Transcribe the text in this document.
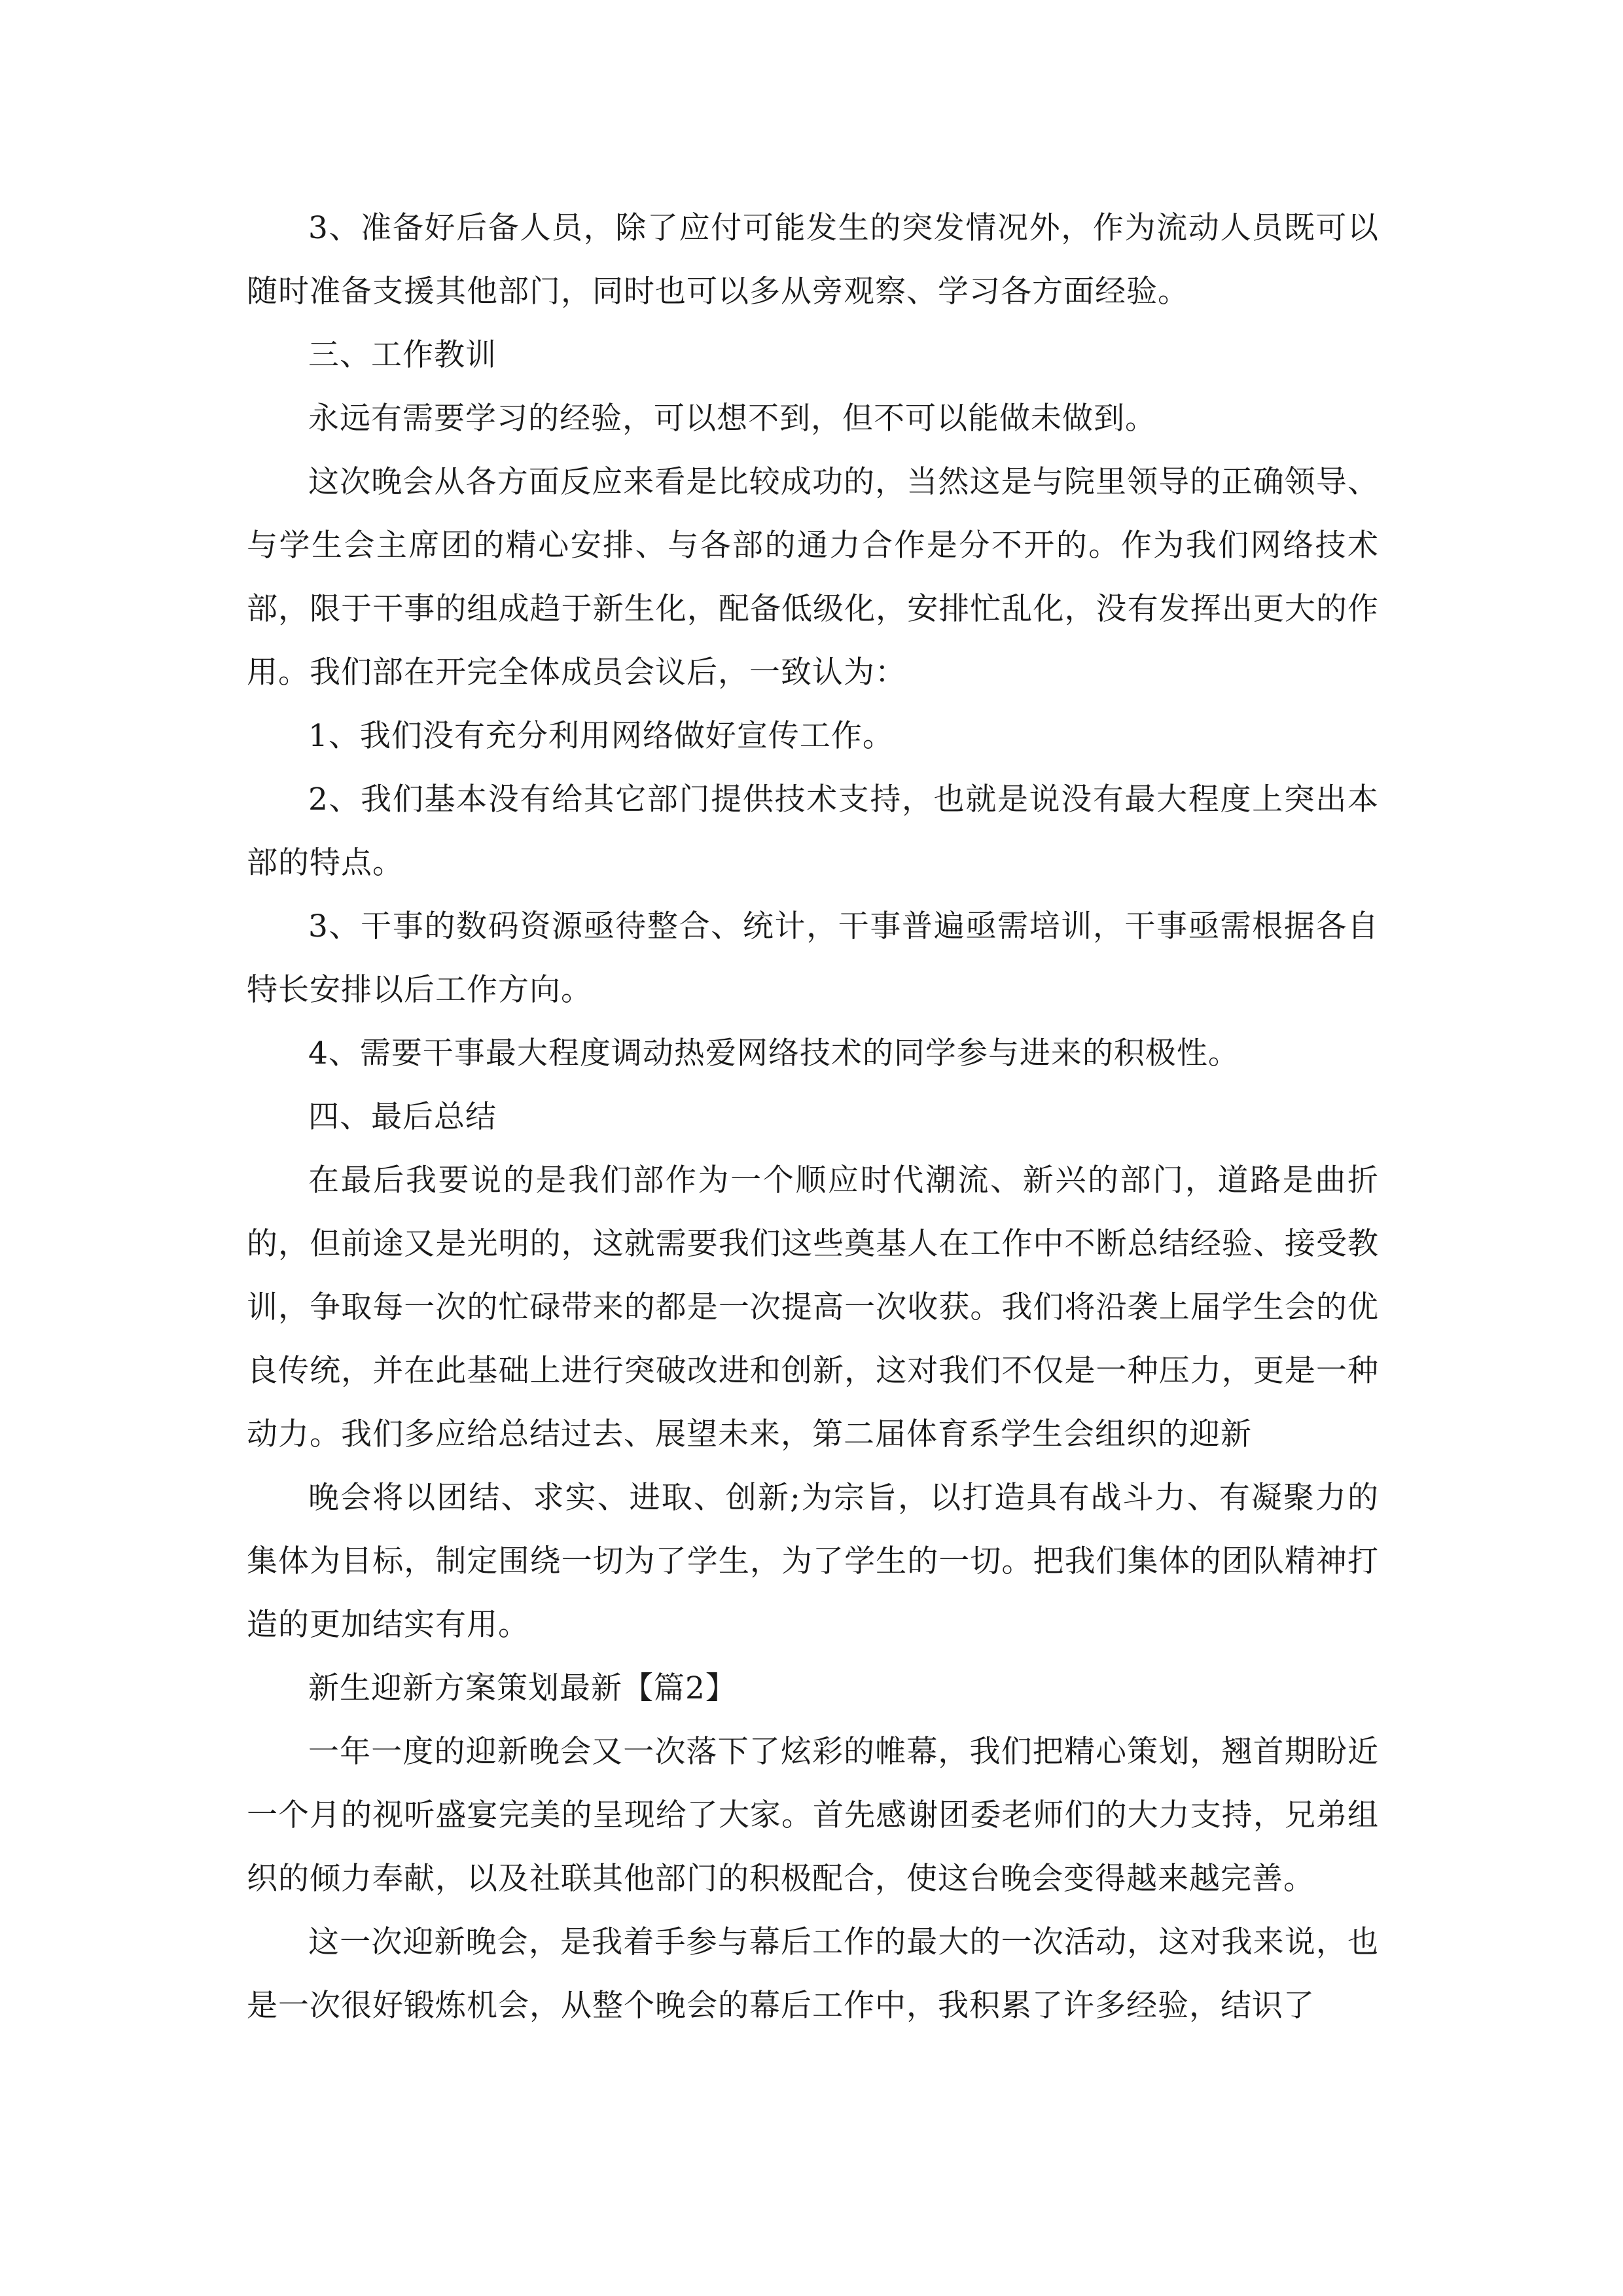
3、准备好后备人员，除了应付可能发生的突发情况外，作为流动人员既可以随时准备支援其他部门，同时也可以多从旁观察、学习各方面经验。

三、工作教训

永远有需要学习的经验，可以想不到，但不可以能做未做到。

这次晚会从各方面反应来看是比较成功的，当然这是与院里领导的正确领导、与学生会主席团的精心安排、与各部的通力合作是分不开的。作为我们网络技术部，限于干事的组成趋于新生化，配备低级化，安排忙乱化，没有发挥出更大的作用。我们部在开完全体成员会议后，一致认为：

1、我们没有充分利用网络做好宣传工作。

2、我们基本没有给其它部门提供技术支持，也就是说没有最大程度上突出本部的特点。

3、干事的数码资源亟待整合、统计，干事普遍亟需培训，干事亟需根据各自特长安排以后工作方向。

4、需要干事最大程度调动热爱网络技术的同学参与进来的积极性。

四、最后总结

在最后我要说的是我们部作为一个顺应时代潮流、新兴的部门，道路是曲折的，但前途又是光明的，这就需要我们这些奠基人在工作中不断总结经验、接受教训，争取每一次的忙碌带来的都是一次提高一次收获。我们将沿袭上届学生会的优良传统，并在此基础上进行突破改进和创新，这对我们不仅是一种压力，更是一种动力。我们多应给总结过去、展望未来，第二届体育系学生会组织的迎新

晚会将以团结、求实、进取、创新;为宗旨，以打造具有战斗力、有凝聚力的集体为目标，制定围绕一切为了学生，为了学生的一切。把我们集体的团队精神打造的更加结实有用。

新生迎新方案策划最新【篇2】

一年一度的迎新晚会又一次落下了炫彩的帷幕，我们把精心策划，翘首期盼近一个月的视听盛宴完美的呈现给了大家。首先感谢团委老师们的大力支持，兄弟组织的倾力奉献，以及社联其他部门的积极配合，使这台晚会变得越来越完善。

这一次迎新晚会，是我着手参与幕后工作的最大的一次活动，这对我来说，也是一次很好锻炼机会，从整个晚会的幕后工作中，我积累了许多经验，结识了
